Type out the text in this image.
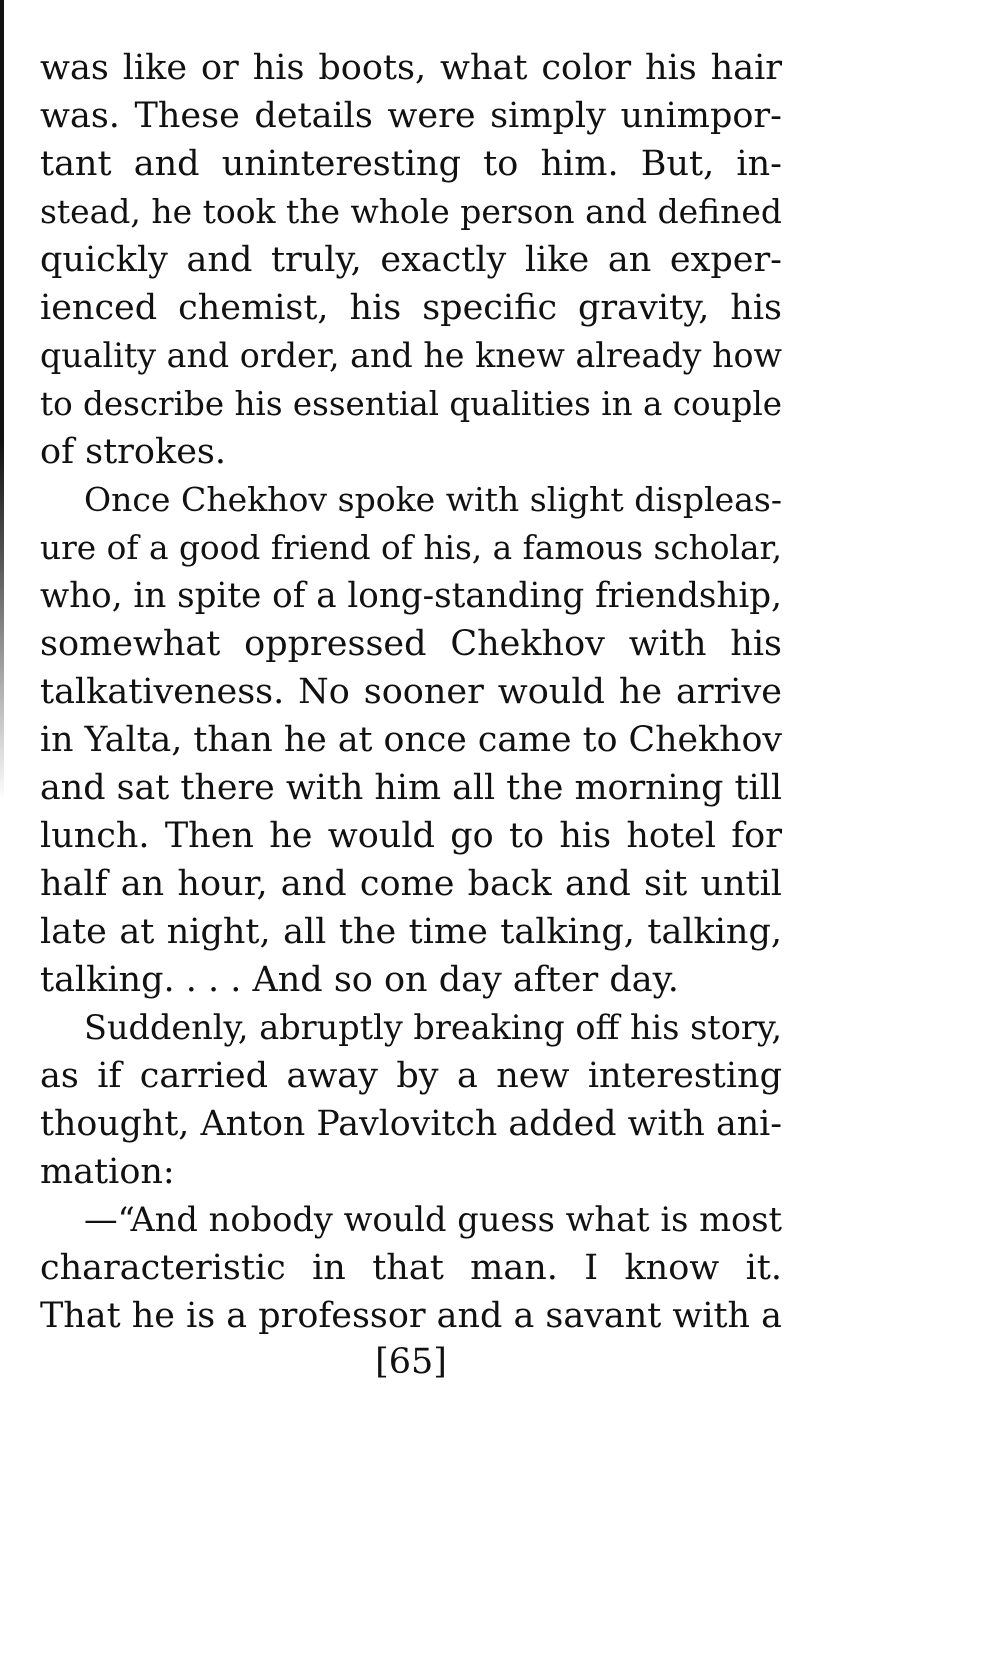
was like or his boots, what color his hair
was. These details were simply unimpor-
tant and uninteresting to him. But, in-
stead, he took the whole person and defined
quickly and truly, exactly like an exper-
ienced chemist, his specific gravity, his
quality and order, and he knew already how
to describe his essential qualities in a couple
of strokes.
Once Chekhov spoke with slight displeas-
ure of a good friend of his, a famous scholar,
who, in spite of a long-standing friendship,
somewhat oppressed Chekhov with his
talkativeness. No sooner would he arrive
in Yalta, than he at once came to Chekhov
and sat there with him all the morning till
lunch. Then he would go to his hotel for
half an hour, and come back and sit until
late at night, all the time talking, talking,
talking. . . . And so on day after day.
Suddenly, abruptly breaking off his story,
as if carried away by a new interesting
thought, Anton Pavlovitch added with ani-
mation:
—“And nobody would guess what is most
characteristic in that man. I know it.
That he is a professor and a savant with a
[65]
